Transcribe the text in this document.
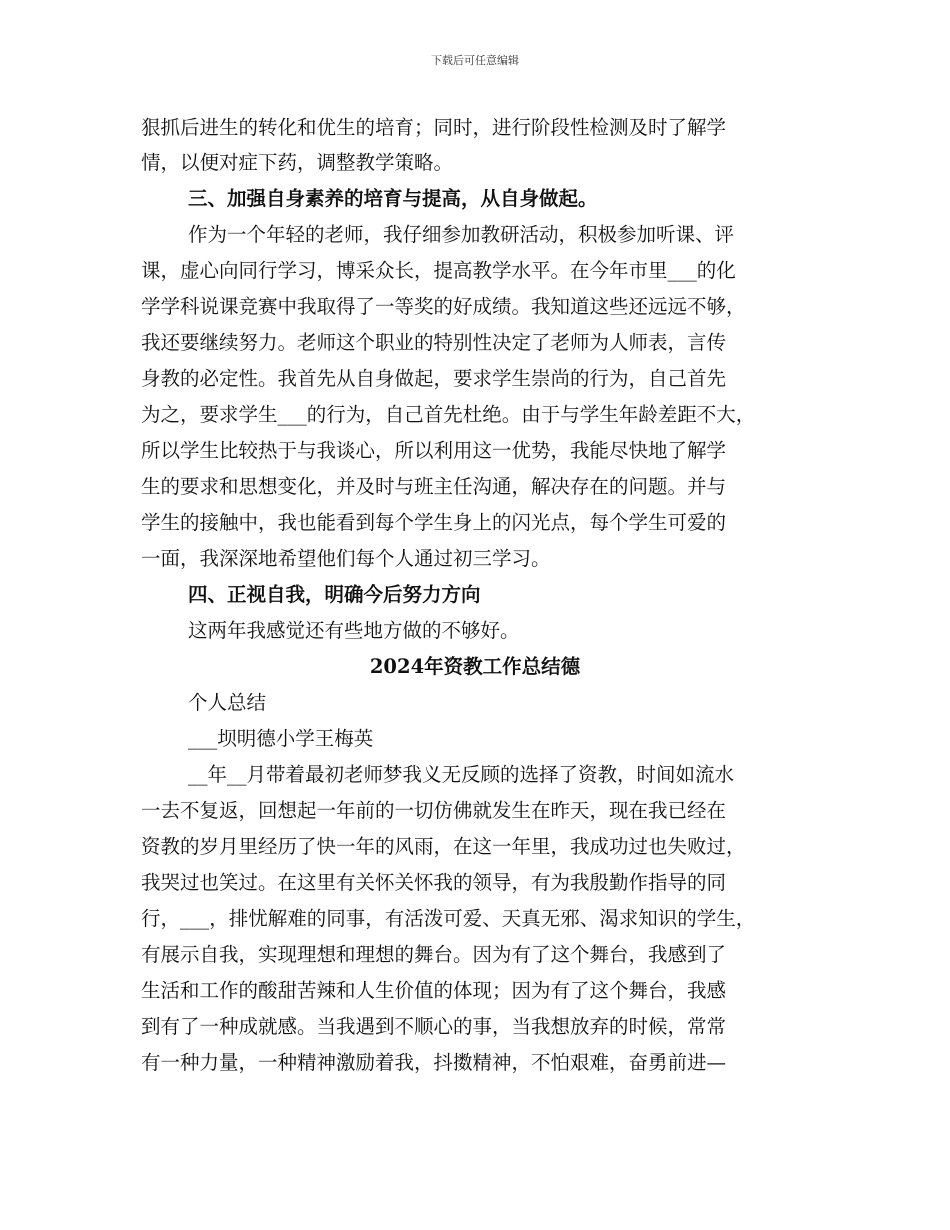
下载后可任意编辑
狠抓后进生的转化和优生的培育；同时，进行阶段性检测及时了解学
情，以便对症下药，调整教学策略。
三、加强自身素养的培育与提高，从自身做起。
作为一个年轻的老师，我仔细参加教研活动，积极参加听课、评
课，虚心向同行学习，博采众长，提高教学水平。在今年市里___的化
学学科说课竞赛中我取得了一等奖的好成绩。我知道这些还远远不够，
我还要继续努力。老师这个职业的特别性决定了老师为人师表，言传
身教的必定性。我首先从自身做起，要求学生崇尚的行为，自己首先
为之，要求学生___的行为，自己首先杜绝。由于与学生年龄差距不大，
所以学生比较热于与我谈心，所以利用这一优势，我能尽快地了解学
生的要求和思想变化，并及时与班主任沟通，解决存在的问题。并与
学生的接触中，我也能看到每个学生身上的闪光点，每个学生可爱的
一面，我深深地希望他们每个人通过初三学习。
四、正视自我，明确今后努力方向
这两年我感觉还有些地方做的不够好。
2024年资教工作总结德
个人总结
___坝明德小学王梅英
__年__月带着最初老师梦我义无反顾的选择了资教，时间如流水
一去不复返，回想起一年前的一切仿佛就发生在昨天，现在我已经在
资教的岁月里经历了快一年的风雨，在这一年里，我成功过也失败过，
我哭过也笑过。在这里有关怀关怀我的领导，有为我殷勤作指导的同
行，___，排忧解难的同事，有活泼可爱、天真无邪、渴求知识的学生，
有展示自我，实现理想和理想的舞台。因为有了这个舞台，我感到了
生活和工作的酸甜苦辣和人生价值的体现；因为有了这个舞台，我感
到有了一种成就感。当我遇到不顺心的事，当我想放弃的时候，常常
有一种力量，一种精神激励着我，抖擞精神，不怕艰难，奋勇前进—
